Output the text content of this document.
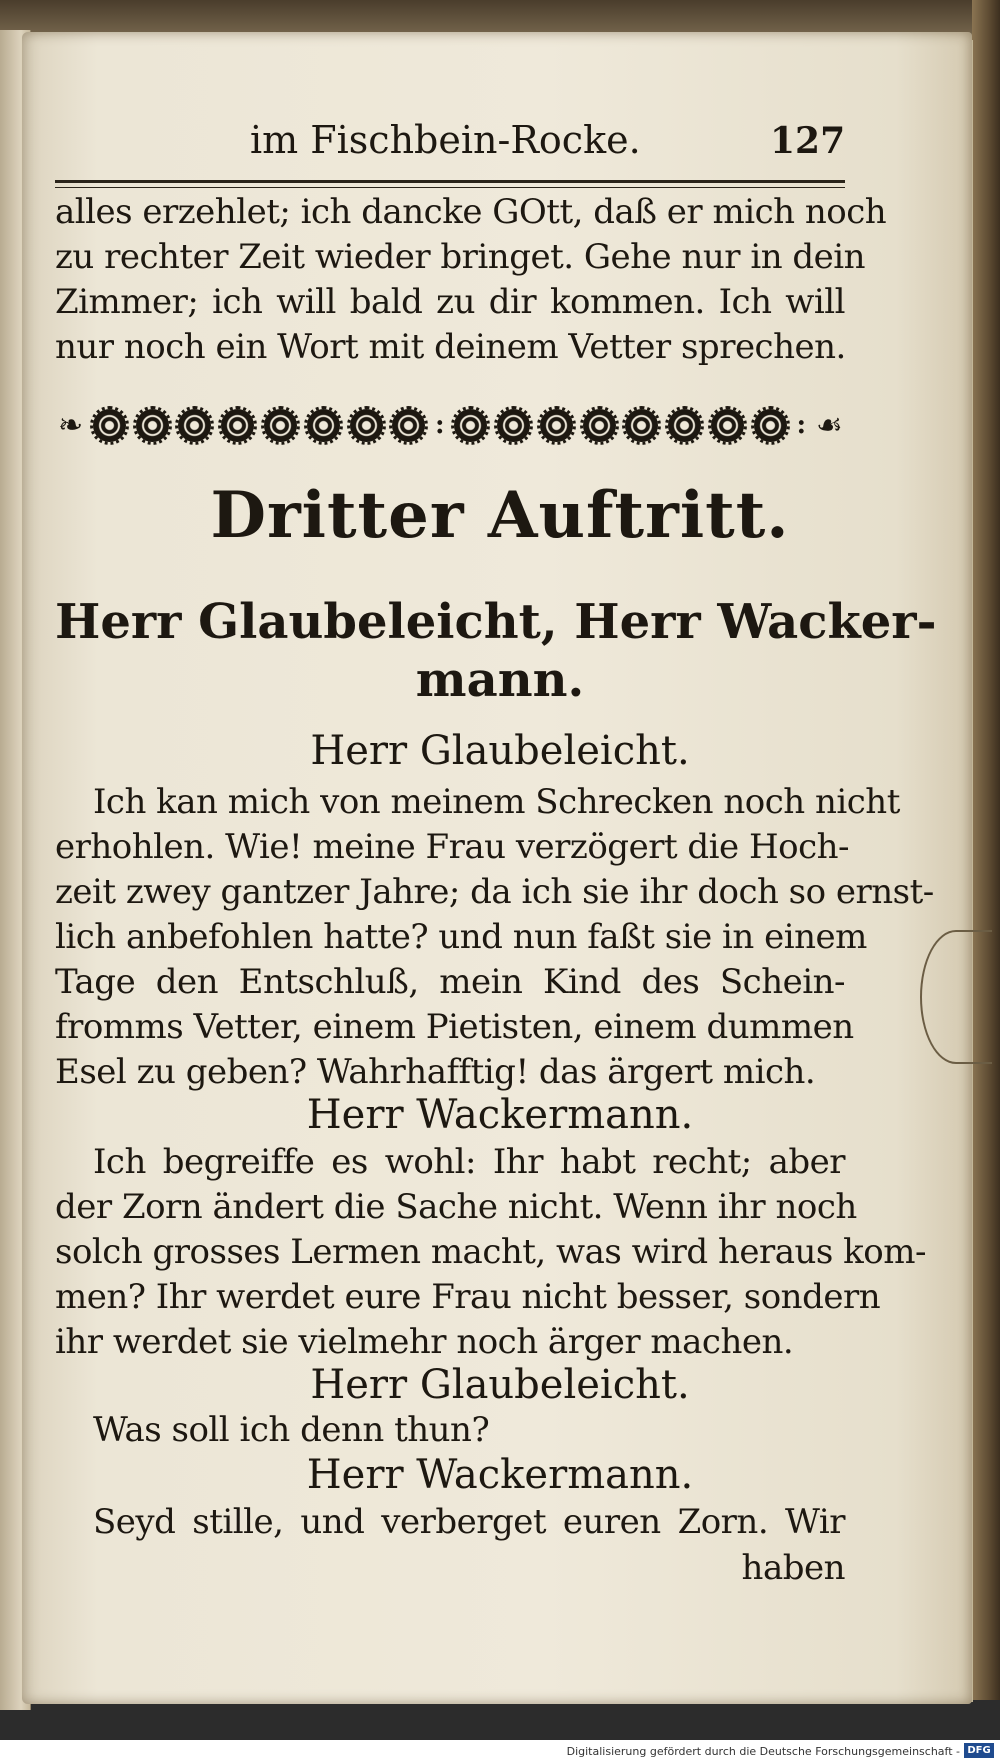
im Fischbein-Rocke.	127
alles erzehlet; ich dancke GOtt, daß er mich noch
zu rechter Zeit wieder bringet. Gehe nur in dein
Zimmer; ich will bald zu dir kommen. Ich will
nur noch ein Wort mit deinem Vetter sprechen.
❧	:	: ☙
Dritter Auftritt.
Herr Glaubeleicht, Herr Wacker-
mann.
Herr Glaubeleicht.
Ich kan mich von meinem Schrecken noch nicht
erhohlen. Wie! meine Frau verzögert die Hoch-
zeit zwey gantzer Jahre; da ich sie ihr doch so ernst-
lich anbefohlen hatte? und nun faßt sie in einem
Tage den Entschluß, mein Kind des Schein-
fromms Vetter, einem Pietisten, einem dummen
Esel zu geben? Wahrhafftig! das ärgert mich.
Herr Wackermann.
Ich begreiffe es wohl: Ihr habt recht; aber
der Zorn ändert die Sache nicht. Wenn ihr noch
solch grosses Lermen macht, was wird heraus kom-
men? Ihr werdet eure Frau nicht besser, sondern
ihr werdet sie vielmehr noch ärger machen.
Herr Glaubeleicht.
Was soll ich denn thun?
Herr Wackermann.
Seyd stille, und verberget euren Zorn. Wir
haben
Digitalisierung gefördert durch die Deutsche Forschungsgemeinschaft - DFG
